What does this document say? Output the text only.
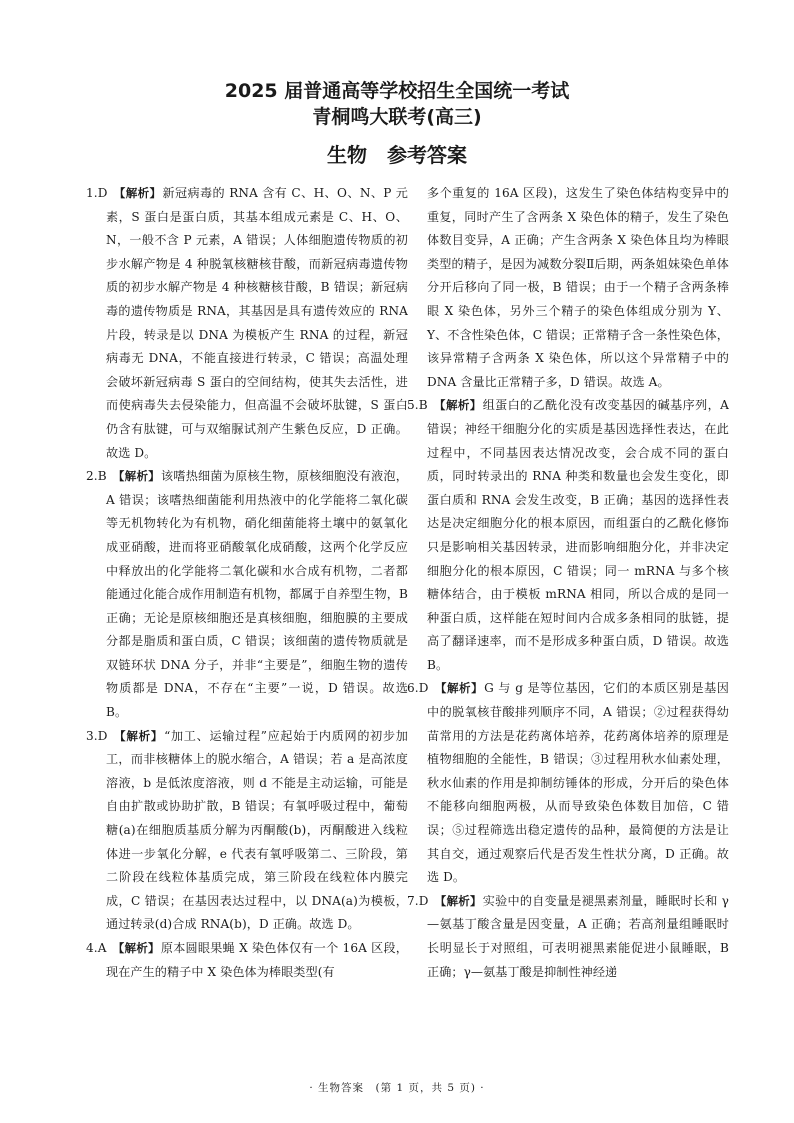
2025 届普通高等学校招生全国统一考试
青桐鸣大联考(高三)
生物　参考答案
1.D 【解析】新冠病毒的 RNA 含有 C、H、O、N、P 元素，S 蛋白是蛋白质，其基本组成元素是 C、H、O、N，一般不含 P 元素，A 错误；人体细胞遗传物质的初步水解产物是 4 种脱氧核糖核苷酸，而新冠病毒遗传物质的初步水解产物是 4 种核糖核苷酸，B 错误；新冠病毒的遗传物质是 RNA，其基因是具有遗传效应的 RNA 片段，转录是以 DNA 为模板产生 RNA 的过程，新冠病毒无 DNA，不能直接进行转录，C 错误；高温处理会破坏新冠病毒 S 蛋白的空间结构，使其失去活性，进而使病毒失去侵染能力，但高温不会破坏肽键，S 蛋白仍含有肽键，可与双缩脲试剂产生紫色反应，D 正确。故选 D。
2.B 【解析】该嗜热细菌为原核生物，原核细胞没有液泡，A 错误；该嗜热细菌能利用热液中的化学能将二氧化碳等无机物转化为有机物，硝化细菌能将土壤中的氨氧化成亚硝酸，进而将亚硝酸氧化成硝酸，这两个化学反应中释放出的化学能将二氧化碳和水合成有机物，二者都能通过化能合成作用制造有机物，都属于自养型生物，B 正确；无论是原核细胞还是真核细胞，细胞膜的主要成分都是脂质和蛋白质，C 错误；该细菌的遗传物质就是双链环状 DNA 分子，并非“主要是”，细胞生物的遗传物质都是 DNA，不存在“主要”一说，D 错误。故选 B。
3.D 【解析】“加工、运输过程”应起始于内质网的初步加工，而非核糖体上的脱水缩合，A 错误；若 a 是高浓度溶液，b 是低浓度溶液，则 d 不能是主动运输，可能是自由扩散或协助扩散，B 错误；有氧呼吸过程中，葡萄糖(a)在细胞质基质分解为丙酮酸(b)，丙酮酸进入线粒体进一步氧化分解，e 代表有氧呼吸第二、三阶段，第二阶段在线粒体基质完成，第三阶段在线粒体内膜完成，C 错误；在基因表达过程中，以 DNA(a)为模板，通过转录(d)合成 RNA(b)，D 正确。故选 D。
4.A 【解析】原本圆眼果蝇 X 染色体仅有一个 16A 区段，现在产生的精子中 X 染色体为棒眼类型(有
多个重复的 16A 区段)，这发生了染色体结构变异中的重复，同时产生了含两条 X 染色体的精子，发生了染色体数目变异，A 正确；产生含两条 X 染色体且均为棒眼类型的精子，是因为减数分裂Ⅱ后期，两条姐妹染色单体分开后移向了同一极，B 错误；由于一个精子含两条棒眼 X 染色体，另外三个精子的染色体组成分别为 Y、Y、不含性染色体，C 错误；正常精子含一条性染色体，该异常精子含两条 X 染色体，所以这个异常精子中的 DNA 含量比正常精子多，D 错误。故选 A。
5.B 【解析】组蛋白的乙酰化没有改变基因的碱基序列，A 错误；神经干细胞分化的实质是基因选择性表达，在此过程中，不同基因表达情况改变，会合成不同的蛋白质，同时转录出的 RNA 种类和数量也会发生变化，即蛋白质和 RNA 会发生改变，B 正确；基因的选择性表达是决定细胞分化的根本原因，而组蛋白的乙酰化修饰只是影响相关基因转录，进而影响细胞分化，并非决定细胞分化的根本原因，C 错误；同一 mRNA 与多个核糖体结合，由于模板 mRNA 相同，所以合成的是同一种蛋白质，这样能在短时间内合成多条相同的肽链，提高了翻译速率，而不是形成多种蛋白质，D 错误。故选 B。
6.D 【解析】G 与 g 是等位基因，它们的本质区别是基因中的脱氧核苷酸排列顺序不同，A 错误；②过程获得幼苗常用的方法是花药离体培养，花药离体培养的原理是植物细胞的全能性，B 错误；③过程用秋水仙素处理，秋水仙素的作用是抑制纺锤体的形成，分开后的染色体不能移向细胞两极，从而导致染色体数目加倍，C 错误；⑤过程筛选出稳定遗传的品种，最简便的方法是让其自交，通过观察后代是否发生性状分离，D 正确。故选 D。
7.D 【解析】实验中的自变量是褪黑素剂量，睡眠时长和 γ—氨基丁酸含量是因变量，A 正确；若高剂量组睡眠时长明显长于对照组，可表明褪黑素能促进小鼠睡眠，B 正确；γ—氨基丁酸是抑制性神经递
· 生物答案　(第 1 页，共 5 页) ·
